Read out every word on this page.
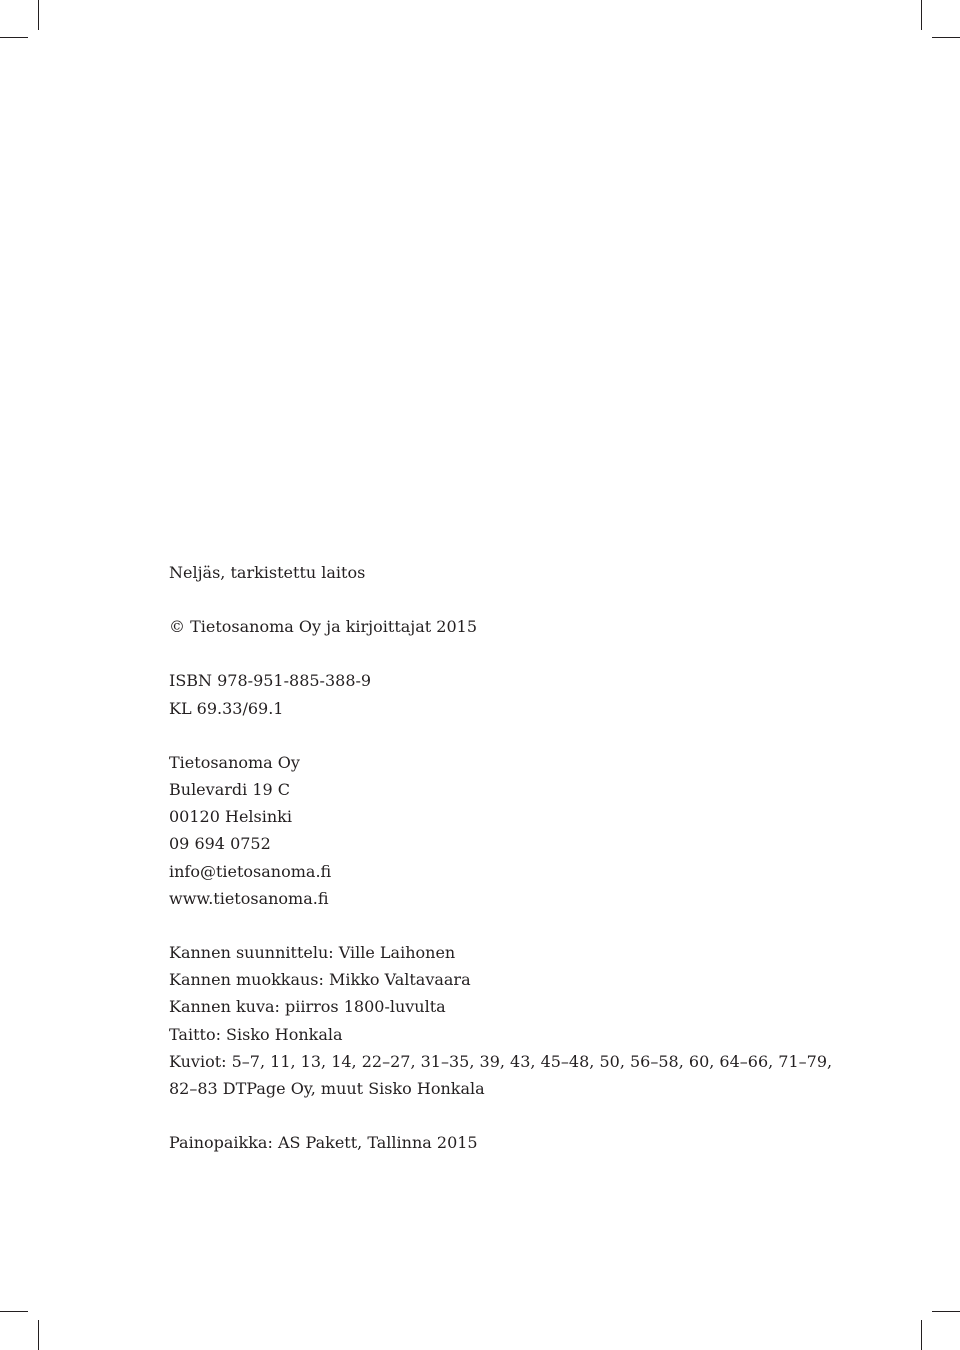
Neljäs, tarkistettu laitos
© Tietosanoma Oy ja kirjoittajat 2015
ISBN 978-951-885-388-9
KL 69.33/69.1
Tietosanoma Oy
Bulevardi 19 C
00120 Helsinki
09 694 0752
info@tietosanoma.fi
www.tietosanoma.fi
Kannen suunnittelu: Ville Laihonen
Kannen muokkaus: Mikko Valtavaara
Kannen kuva: piirros 1800-luvulta
Taitto: Sisko Honkala
Kuviot: 5–7, 11, 13, 14, 22–27, 31–35, 39, 43, 45–48, 50, 56–58, 60, 64–66, 71–79,
82–83 DTPage Oy, muut Sisko Honkala
Painopaikka: AS Pakett, Tallinna 2015
